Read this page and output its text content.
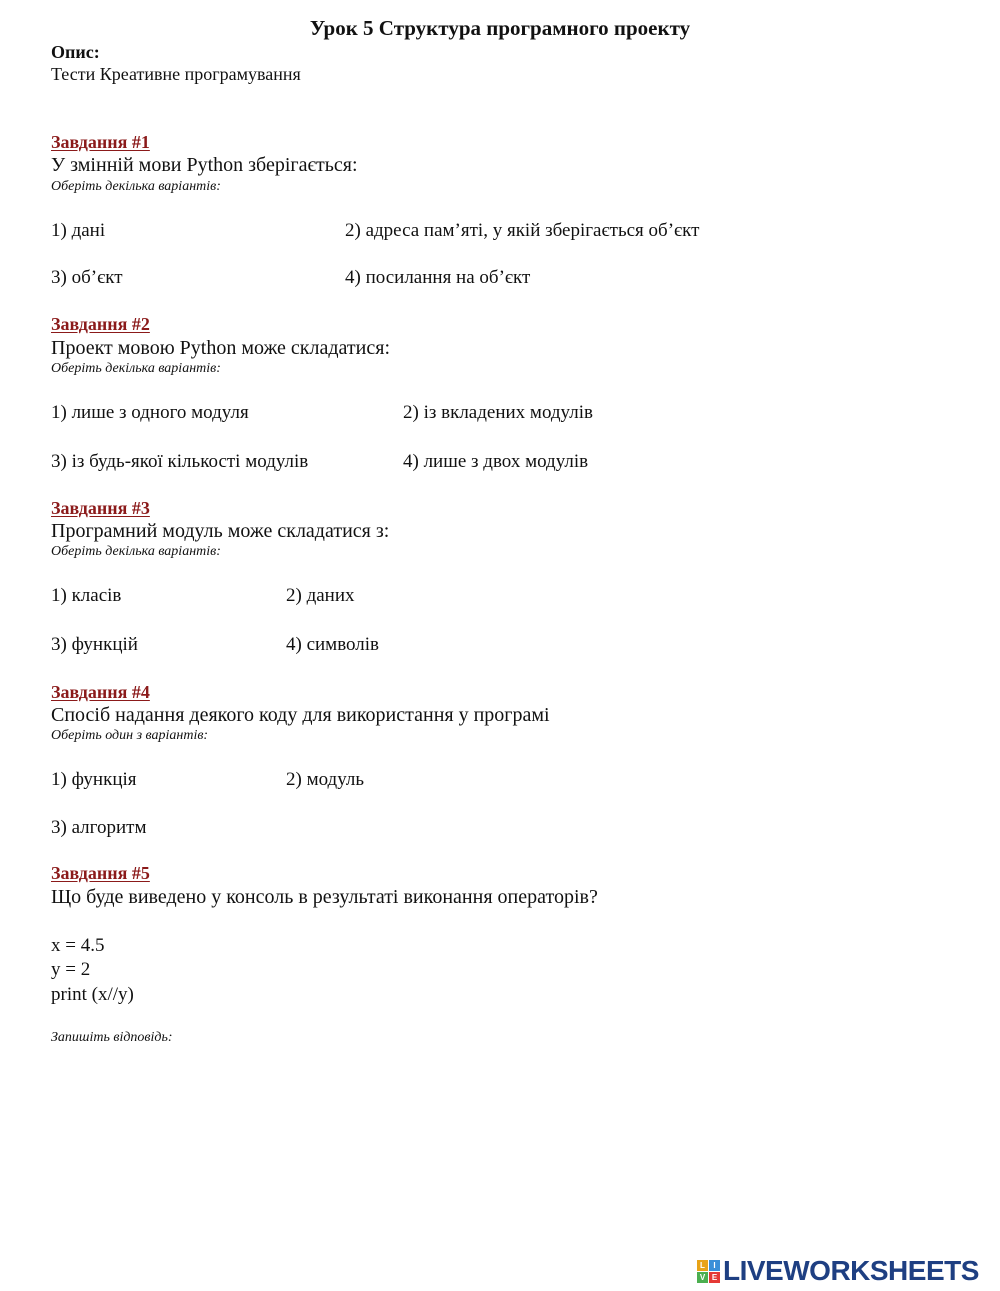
Урок 5 Структура програмного проекту
Опис:
Тести Креативне програмування
Завдання #1
У змінній мови Python зберігається:
Оберіть декілька варіантів:
1) дані	2) адреса пам’яті, у якій зберігається об’єкт
3) об’єкт	4) посилання на об’єкт
Завдання #2
Проект мовою Python може складатися:
Оберіть декілька варіантів:
1) лише з одного модуля	2) із вкладених модулів
3) із будь-якої кількості модулів	4) лише з двох модулів
Завдання #3
Програмний модуль може складатися з:
Оберіть декілька варіантів:
1) класів	2) даних
3) функцій	4) символів
Завдання #4
Спосіб надання деякого коду для використання у програмі
Оберіть один з варіантів:
1) функція	2) модуль
3) алгоритм
Завдання #5
Що буде виведено у консоль в результаті виконання операторів?
x = 4.5
y = 2
print (x//y)
Запишіть відповідь:
L	I
V E LIVEWORKSHEETS
